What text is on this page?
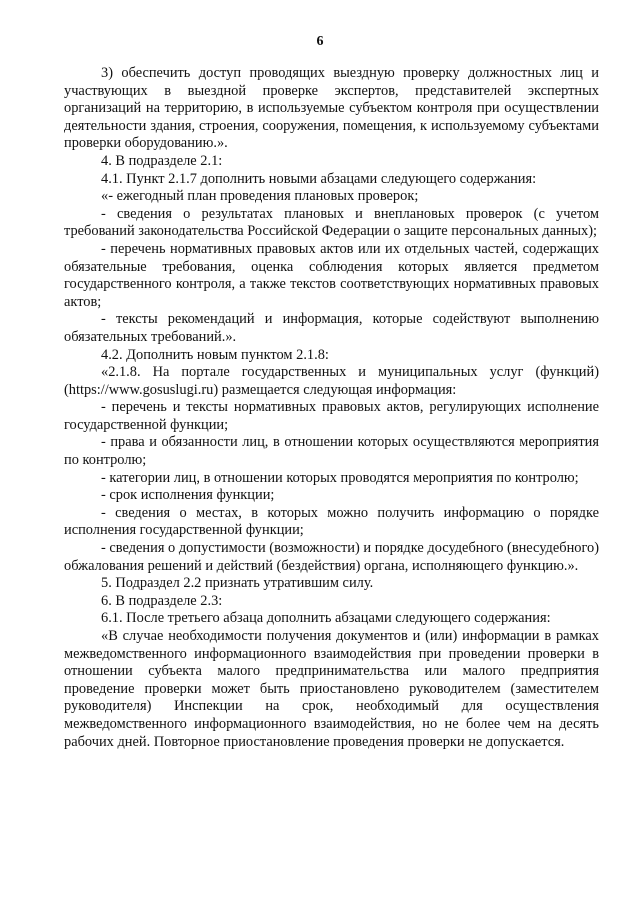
6

3) обеспечить доступ проводящих выездную проверку должностных лиц и участвующих в выездной проверке экспертов, представителей экспертных организаций на территорию, в используемые субъектом контроля при осуществлении деятельности здания, строения, сооружения, помещения, к используемому субъектами проверки оборудованию.».

4. В подразделе 2.1:

4.1. Пункт 2.1.7 дополнить новыми абзацами следующего содержания:

«- ежегодный план проведения плановых проверок;

- сведения о результатах плановых и внеплановых проверок (с учетом требований законодательства Российской Федерации о защите персональных данных);

- перечень нормативных правовых актов или их отдельных частей, содержащих обязательные требования, оценка соблюдения которых является предметом государственного контроля, а также текстов соответствующих нормативных правовых актов;

- тексты рекомендаций и информация, которые содействуют выполнению обязательных требований.».

4.2. Дополнить новым пунктом 2.1.8:

«2.1.8. На портале государственных и муниципальных услуг (функций) (https://www.gosuslugi.ru) размещается следующая информация:

- перечень и тексты нормативных правовых актов, регулирующих исполнение государственной функции;

- права и обязанности лиц, в отношении которых осуществляются мероприятия по контролю;

- категории лиц, в отношении которых проводятся мероприятия по контролю;

- срок исполнения функции;

- сведения о местах, в которых можно получить информацию о порядке исполнения государственной функции;

- сведения о допустимости (возможности) и порядке досудебного (внесудебного) обжалования решений и действий (бездействия) органа, исполняющего функцию.».

5. Подраздел 2.2 признать утратившим силу.

6. В подразделе 2.3:

6.1. После третьего абзаца дополнить абзацами следующего содержания:

«В случае необходимости получения документов и (или) информации в рамках межведомственного информационного взаимодействия при проведении проверки в отношении субъекта малого предпринимательства или малого предприятия проведение проверки может быть приостановлено руководителем (заместителем руководителя) Инспекции на срок, необходимый для осуществления межведомственного информационного взаимодействия, но не более чем на десять рабочих дней. Повторное приостановление проведения проверки не допускается.
